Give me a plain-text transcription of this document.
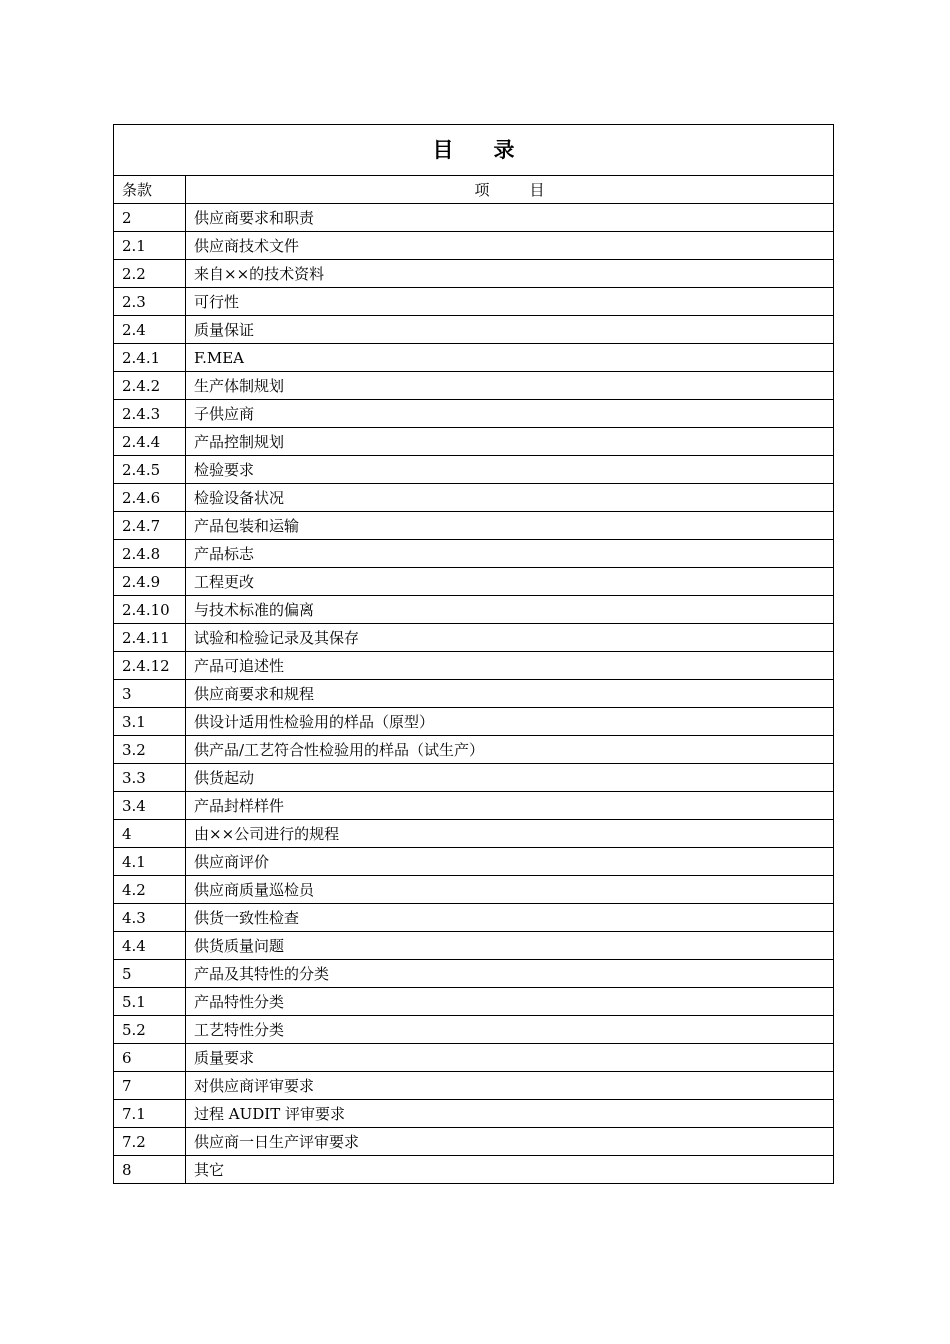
目 录	
条款	项 目
2	供应商要求和职责
2.1	供应商技术文件
2.2	来自××的技术资料
2.3	可行性
2.4	质量保证
2.4.1	F.MEA
2.4.2	生产体制规划
2.4.3	子供应商
2.4.4	产品控制规划
2.4.5	检验要求
2.4.6	检验设备状况
2.4.7	产品包装和运输
2.4.8	产品标志
2.4.9	工程更改
2.4.10	与技术标准的偏离
2.4.11	试验和检验记录及其保存
2.4.12	产品可追述性
3	供应商要求和规程
3.1	供设计适用性检验用的样品（原型）
3.2	供产品/工艺符合性检验用的样品（试生产）
3.3	供货起动
3.4	产品封样样件
4	由××公司进行的规程
4.1	供应商评价
4.2	供应商质量巡检员
4.3	供货一致性检查
4.4	供货质量问题
5	产品及其特性的分类
5.1	产品特性分类
5.2	工艺特性分类
6	质量要求
7	对供应商评审要求
7.1	过程 AUDIT 评审要求
7.2	供应商一日生产评审要求
8	其它
